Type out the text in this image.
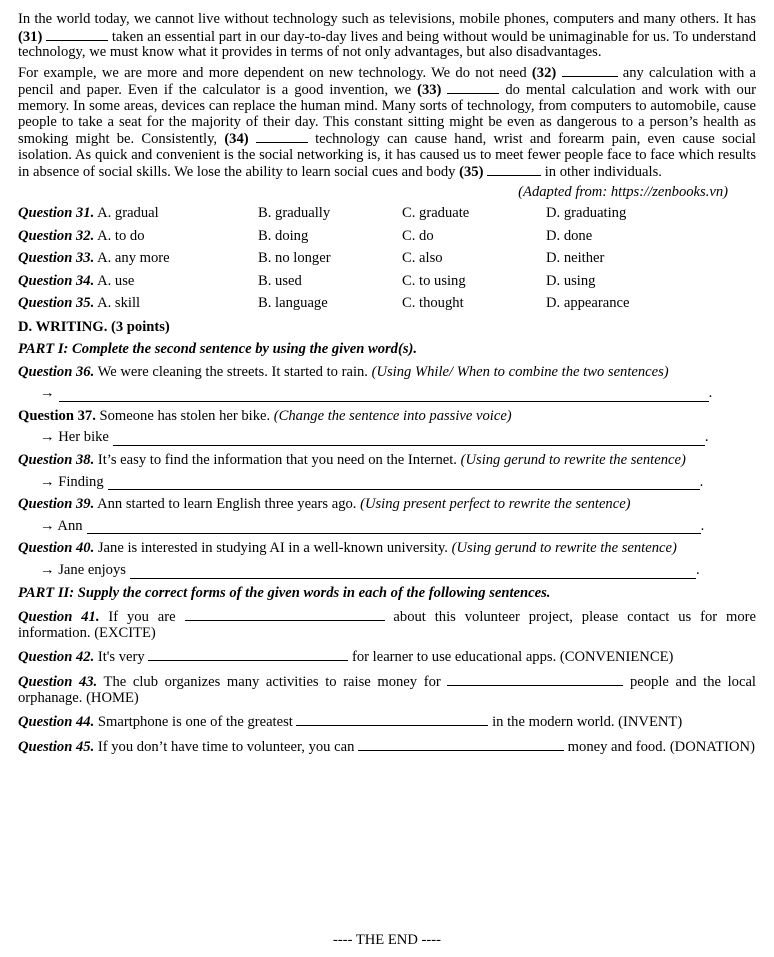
In the world today, we cannot live without technology such as televisions, mobile phones, computers and many others. It has (31)	taken an essential part in our day-to-day lives and being without would be unimaginable for us. To understand technology, we must know what it provides in terms of not only advantages, but also disadvantages.

For example, we are more and more dependent on new technology. We do not need (32)	any calculation with a pencil and paper. Even if the calculator is a good invention, we (33)	do mental calculation and work with our memory. In some areas, devices can replace the human mind. Many sorts of technology, from computers to automobile, cause people to take a seat for the majority of their day. This constant sitting might be even as dangerous to a person’s health as smoking might be. Consistently, (34)	technology can cause hand, wrist and forearm pain, even cause social isolation. As quick and convenient is the social networking is, it has caused us to meet fewer people face to face which results in absence of social skills. We lose the ability to learn social cues and body (35)	in other individuals.

(Adapted from: https://zenbooks.vn)
Question 31. A. gradual	B. gradually	C. graduate	D. graduating
Question 32. A. to do	B. doing	C. do	D. done
Question 33. A. any more	B. no longer	C. also	D. neither
Question 34. A. use	B. used	C. to using	D. using
Question 35. A. skill	B. language	C. thought	D. appearance
D. WRITING. (3 points)
PART I: Complete the second sentence by using the given word(s).
Question 36. We were cleaning the streets. It started to rain. (Using While/ When to combine the two sentences)
→	.
Question 37. Someone has stolen her bike. (Change the sentence into passive voice)
→ Her bike	.
Question 38. It’s easy to find the information that you need on the Internet. (Using gerund to rewrite the sentence)
→ Finding	.
Question 39. Ann started to learn English three years ago. (Using present perfect to rewrite the sentence)
→ Ann	.
Question 40. Jane is interested in studying AI in a well-known university. (Using gerund to rewrite the sentence)
→ Jane enjoys	.
PART II: Supply the correct forms of the given words in each of the following sentences.

Question 41. If you are	about this volunteer project, please contact us for more information. (EXCITE)

Question 42. It's very	for learner to use educational apps. (CONVENIENCE)

Question 43. The club organizes many activities to raise money for	people and the local orphanage. (HOME)

Question 44. Smartphone is one of the greatest	in the modern world. (INVENT)

Question 45. If you don’t have time to volunteer, you can	money and food. (DONATION)

---- THE END ----
